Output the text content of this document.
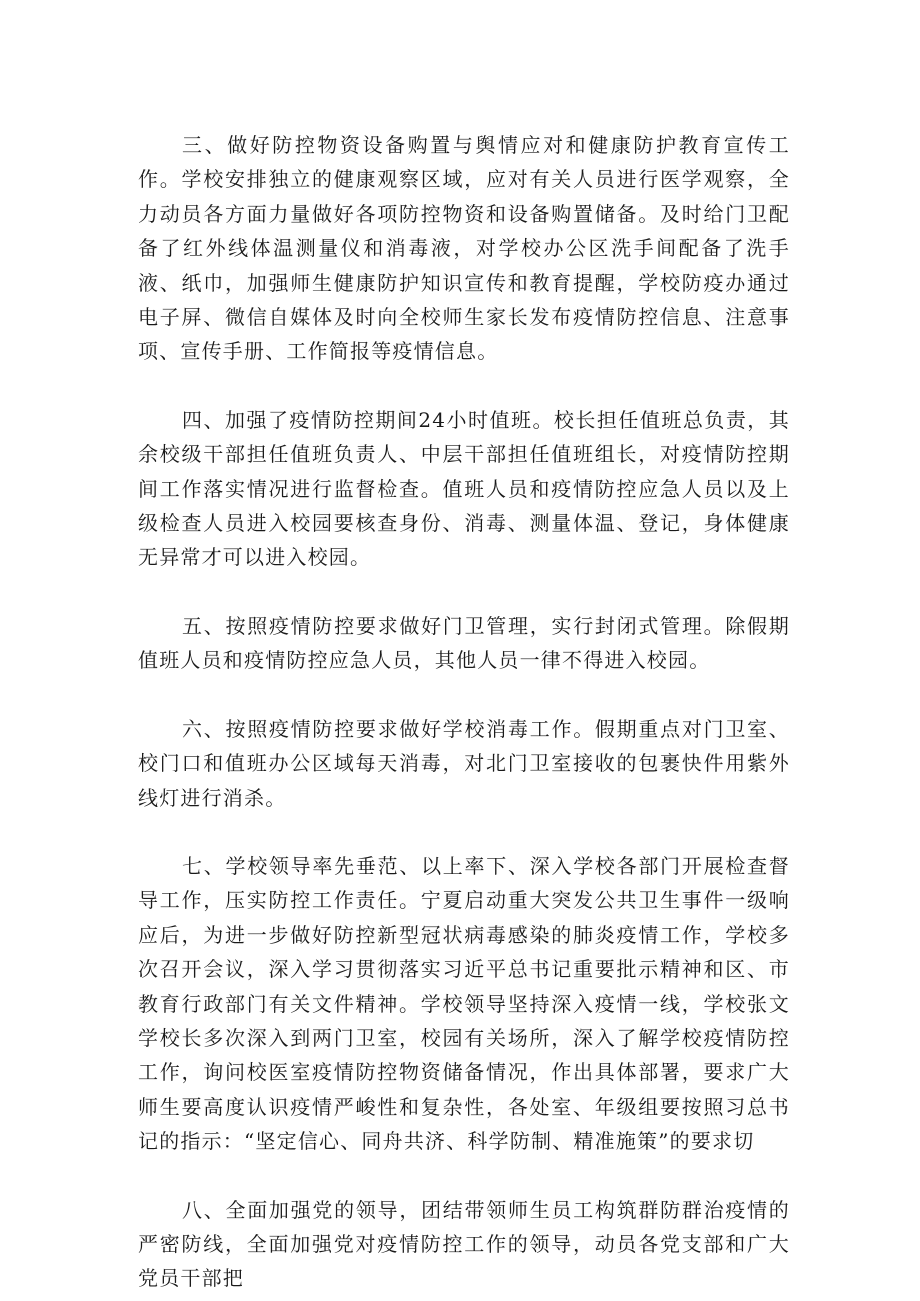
三、做好防控物资设备购置与舆情应对和健康防护教育宣传工作。学校安排独立的健康观察区域，应对有关人员进行医学观察，全力动员各方面力量做好各项防控物资和设备购置储备。及时给门卫配备了红外线体温测量仪和消毒液，对学校办公区洗手间配备了洗手液、纸巾，加强师生健康防护知识宣传和教育提醒，学校防疫办通过电子屏、微信自媒体及时向全校师生家长发布疫情防控信息、注意事项、宣传手册、工作简报等疫情信息。

四、加强了疫情防控期间24小时值班。校长担任值班总负责，其余校级干部担任值班负责人、中层干部担任值班组长，对疫情防控期间工作落实情况进行监督检查。值班人员和疫情防控应急人员以及上级检查人员进入校园要核查身份、消毒、测量体温、登记，身体健康无异常才可以进入校园。

五、按照疫情防控要求做好门卫管理，实行封闭式管理。除假期值班人员和疫情防控应急人员，其他人员一律不得进入校园。

六、按照疫情防控要求做好学校消毒工作。假期重点对门卫室、校门口和值班办公区域每天消毒，对北门卫室接收的包裹快件用紫外线灯进行消杀。

七、学校领导率先垂范、以上率下、深入学校各部门开展检查督导工作，压实防控工作责任。宁夏启动重大突发公共卫生事件一级响应后，为进一步做好防控新型冠状病毒感染的肺炎疫情工作，学校多次召开会议，深入学习贯彻落实习近平总书记重要批示精神和区、市教育行政部门有关文件精神。学校领导坚持深入疫情一线，学校张文学校长多次深入到两门卫室，校园有关场所，深入了解学校疫情防控工作，询问校医室疫情防控物资储备情况，作出具体部署，要求广大师生要高度认识疫情严峻性和复杂性，各处室、年级组要按照习总书记的指示：“坚定信心、同舟共济、科学防制、精准施策”的要求切

八、全面加强党的领导，团结带领师生员工构筑群防群治疫情的严密防线，全面加强党对疫情防控工作的领导，动员各党支部和广大党员干部把
